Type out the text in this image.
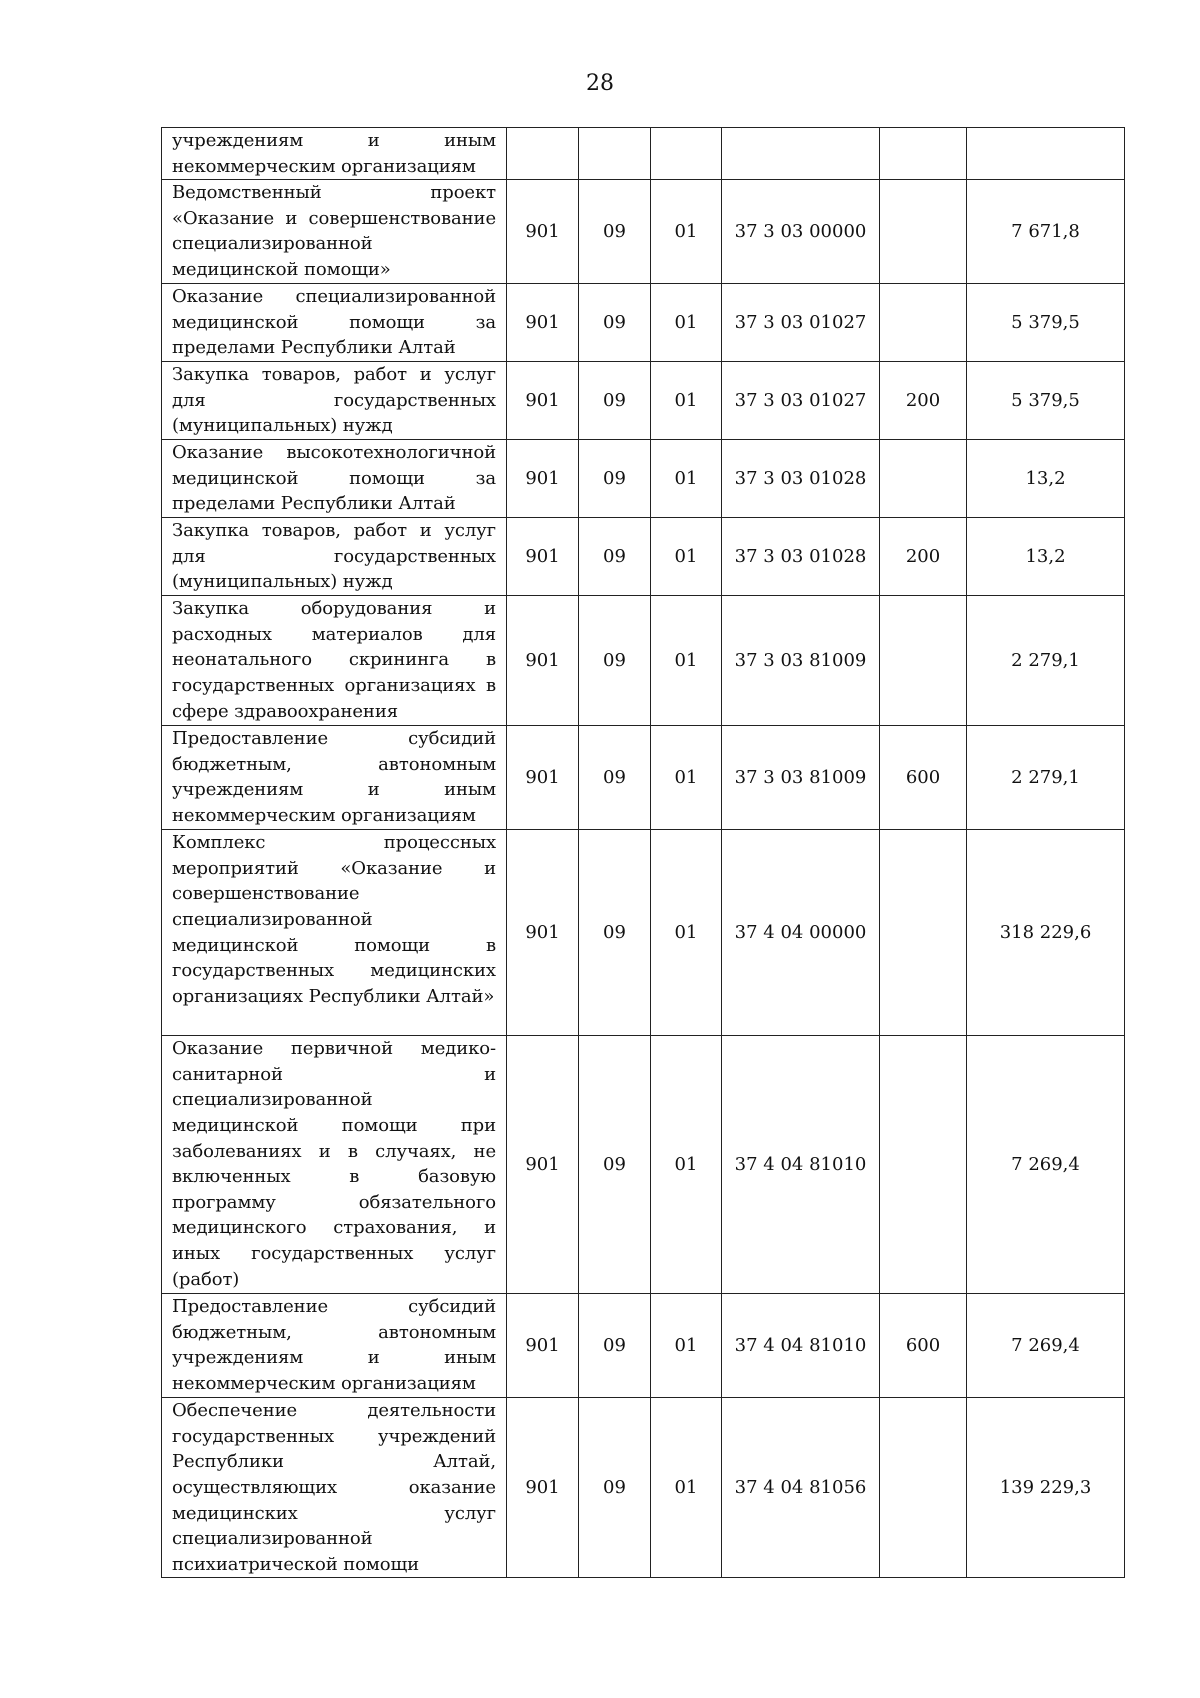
28
учреждениям и иным некоммерческим организациям						
Ведомственный проект «Оказание и совершенствование специализированной медицинской помощи»	901	09	01	37 3 03 00000		7 671,8
Оказание специализированной медицинской помощи за пределами Республики Алтай	901	09	01	37 3 03 01027		5 379,5
Закупка товаров, работ и услуг для государственных (муниципальных) нужд	901	09	01	37 3 03 01027	200	5 379,5
Оказание высокотехнологичной медицинской помощи за пределами Республики Алтай	901	09	01	37 3 03 01028		13,2
Закупка товаров, работ и услуг для государственных (муниципальных) нужд	901	09	01	37 3 03 01028	200	13,2
Закупка оборудования и расходных материалов для неонатального скрининга в государственных организациях в сфере здравоохранения	901	09	01	37 3 03 81009		2 279,1
Предоставление субсидий бюджетным, автономным учреждениям и иным некоммерческим организациям	901	09	01	37 3 03 81009	600	2 279,1
Комплекс процессных мероприятий «Оказание и совершенствование специализированной медицинской помощи в государственных медицинских организациях Республики Алтай»	901	09	01	37 4 04 00000		318 229,6
Оказание первичной медико-санитарной и специализированной медицинской помощи при заболеваниях и в случаях, не включенных в базовую программу обязательного медицинского страхования, и иных государственных услуг (работ)	901	09	01	37 4 04 81010		7 269,4
Предоставление субсидий бюджетным, автономным учреждениям и иным некоммерческим организациям	901	09	01	37 4 04 81010	600	7 269,4
Обеспечение деятельности государственных учреждений Республики Алтай, осуществляющих оказание медицинских услуг специализированной психиатрической помощи	901	09	01	37 4 04 81056		139 229,3
